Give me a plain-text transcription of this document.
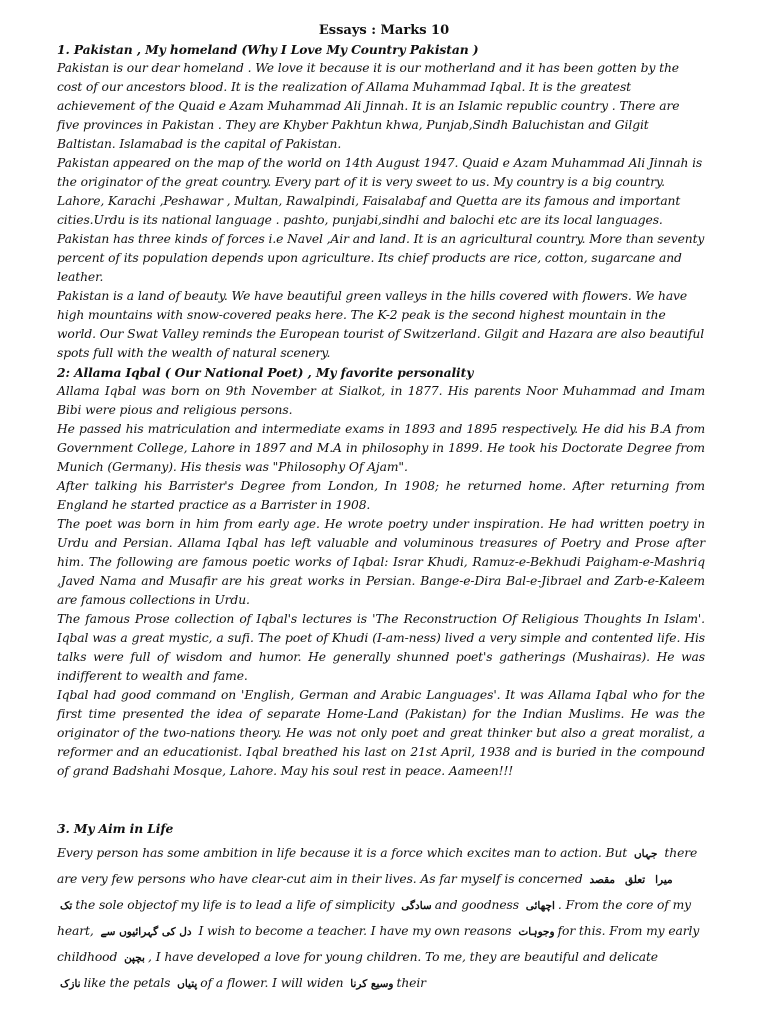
Essays : Marks 10

1. Pakistan , My homeland (Why I Love My Country Pakistan )

Pakistan is our dear homeland . We love it because it is our motherland and it has been gotten by the cost of our ancestors blood. It is the realization of Allama Muhammad Iqbal. It is the greatest achievement of the Quaid e Azam Muhammad Ali Jinnah. It is an Islamic republic country . There are five provinces in Pakistan . They are Khyber Pakhtun khwa, Punjab,Sindh Baluchistan and Gilgit Baltistan. Islamabad is the capital of Pakistan.

Pakistan appeared on the map of the world on 14th August 1947. Quaid e Azam Muhammad Ali Jinnah is the originator of the great country. Every part of it is very sweet to us. My country is a big country. Lahore, Karachi ,Peshawar , Multan, Rawalpindi, Faisalabaf and Quetta are its famous and important cities.Urdu is its national language . pashto, punjabi,sindhi and balochi etc are its local languages. Pakistan has three kinds of forces i.e Navel ,Air and land. It is an agricultural country. More than seventy percent of its population depends upon agriculture. Its chief products are rice, cotton, sugarcane and leather.

Pakistan is a land of beauty. We have beautiful green valleys in the hills covered with flowers. We have high mountains with snow-covered peaks here. The K-2 peak is the second highest mountain in the world. Our Swat Valley reminds the European tourist of Switzerland. Gilgit and Hazara are also beautiful spots full with the wealth of natural scenery.

2: Allama Iqbal ( Our National Poet) , My favorite personality

Allama Iqbal was born on 9th November at Sialkot, in 1877. His parents Noor Muhammad and Imam Bibi were pious and religious persons.

He passed his matriculation and intermediate exams in 1893 and 1895 respectively. He did his B.A from Government College, Lahore in 1897 and M.A in philosophy in 1899. He took his Doctorate Degree from Munich (Germany). His thesis was "Philosophy Of Ajam".

After talking his Barrister's Degree from London, In 1908; he returned home. After returning from England he started practice as a Barrister in 1908.

The poet was born in him from early age. He wrote poetry under inspiration. He had written poetry in Urdu and Persian. Allama Iqbal has left valuable and voluminous treasures of Poetry and Prose after him. The following are famous poetic works of Iqbal: Israr Khudi, Ramuz-e-Bekhudi Paigham-e-Mashriq ,Javed Nama and Musafir are his great works in Persian. Bange-e-Dira Bal-e-Jibrael and Zarb-e-Kaleem are famous collections in Urdu.

The famous Prose collection of Iqbal's lectures is 'The Reconstruction Of Religious Thoughts In Islam'. Iqbal was a great mystic, a sufi. The poet of Khudi (I-am-ness) lived a very simple and contented life. His talks were full of wisdom and humor. He generally shunned poet's gatherings (Mushairas). He was indifferent to wealth and fame.

Iqbal had good command on 'English, German and Arabic Languages'. It was Allama Iqbal who for the first time presented the idea of separate Home-Land (Pakistan) for the Indian Muslims. He was the originator of the two-nations theory. He was not only poet and great thinker but also a great moralist, a reformer and an educationist. Iqbal breathed his last on 21st April, 1938 and is buried in the compound of grand Badshahi Mosque, Lahore. May his soul rest in peace. Aameen!!!

3. My Aim in Life

Every person has some ambition in life because it is a force which excites man to action. But جہاں there are very few persons who have clear-cut aim in their lives. As far myself is concerned مقصد تعلق میرا تک the sole objectof my life is to lead a life of simplicity سادگی and goodness اچھائی . From the core of my heart, دل کی گہرائیوں سے I wish to become a teacher. I have my own reasons وجوہات for this. From my early childhood بچپن , I have developed a love for young children. To me, they are beautiful and delicate نازک like the petals پتیاں of a flower. I will widen وسیع کرنا their
